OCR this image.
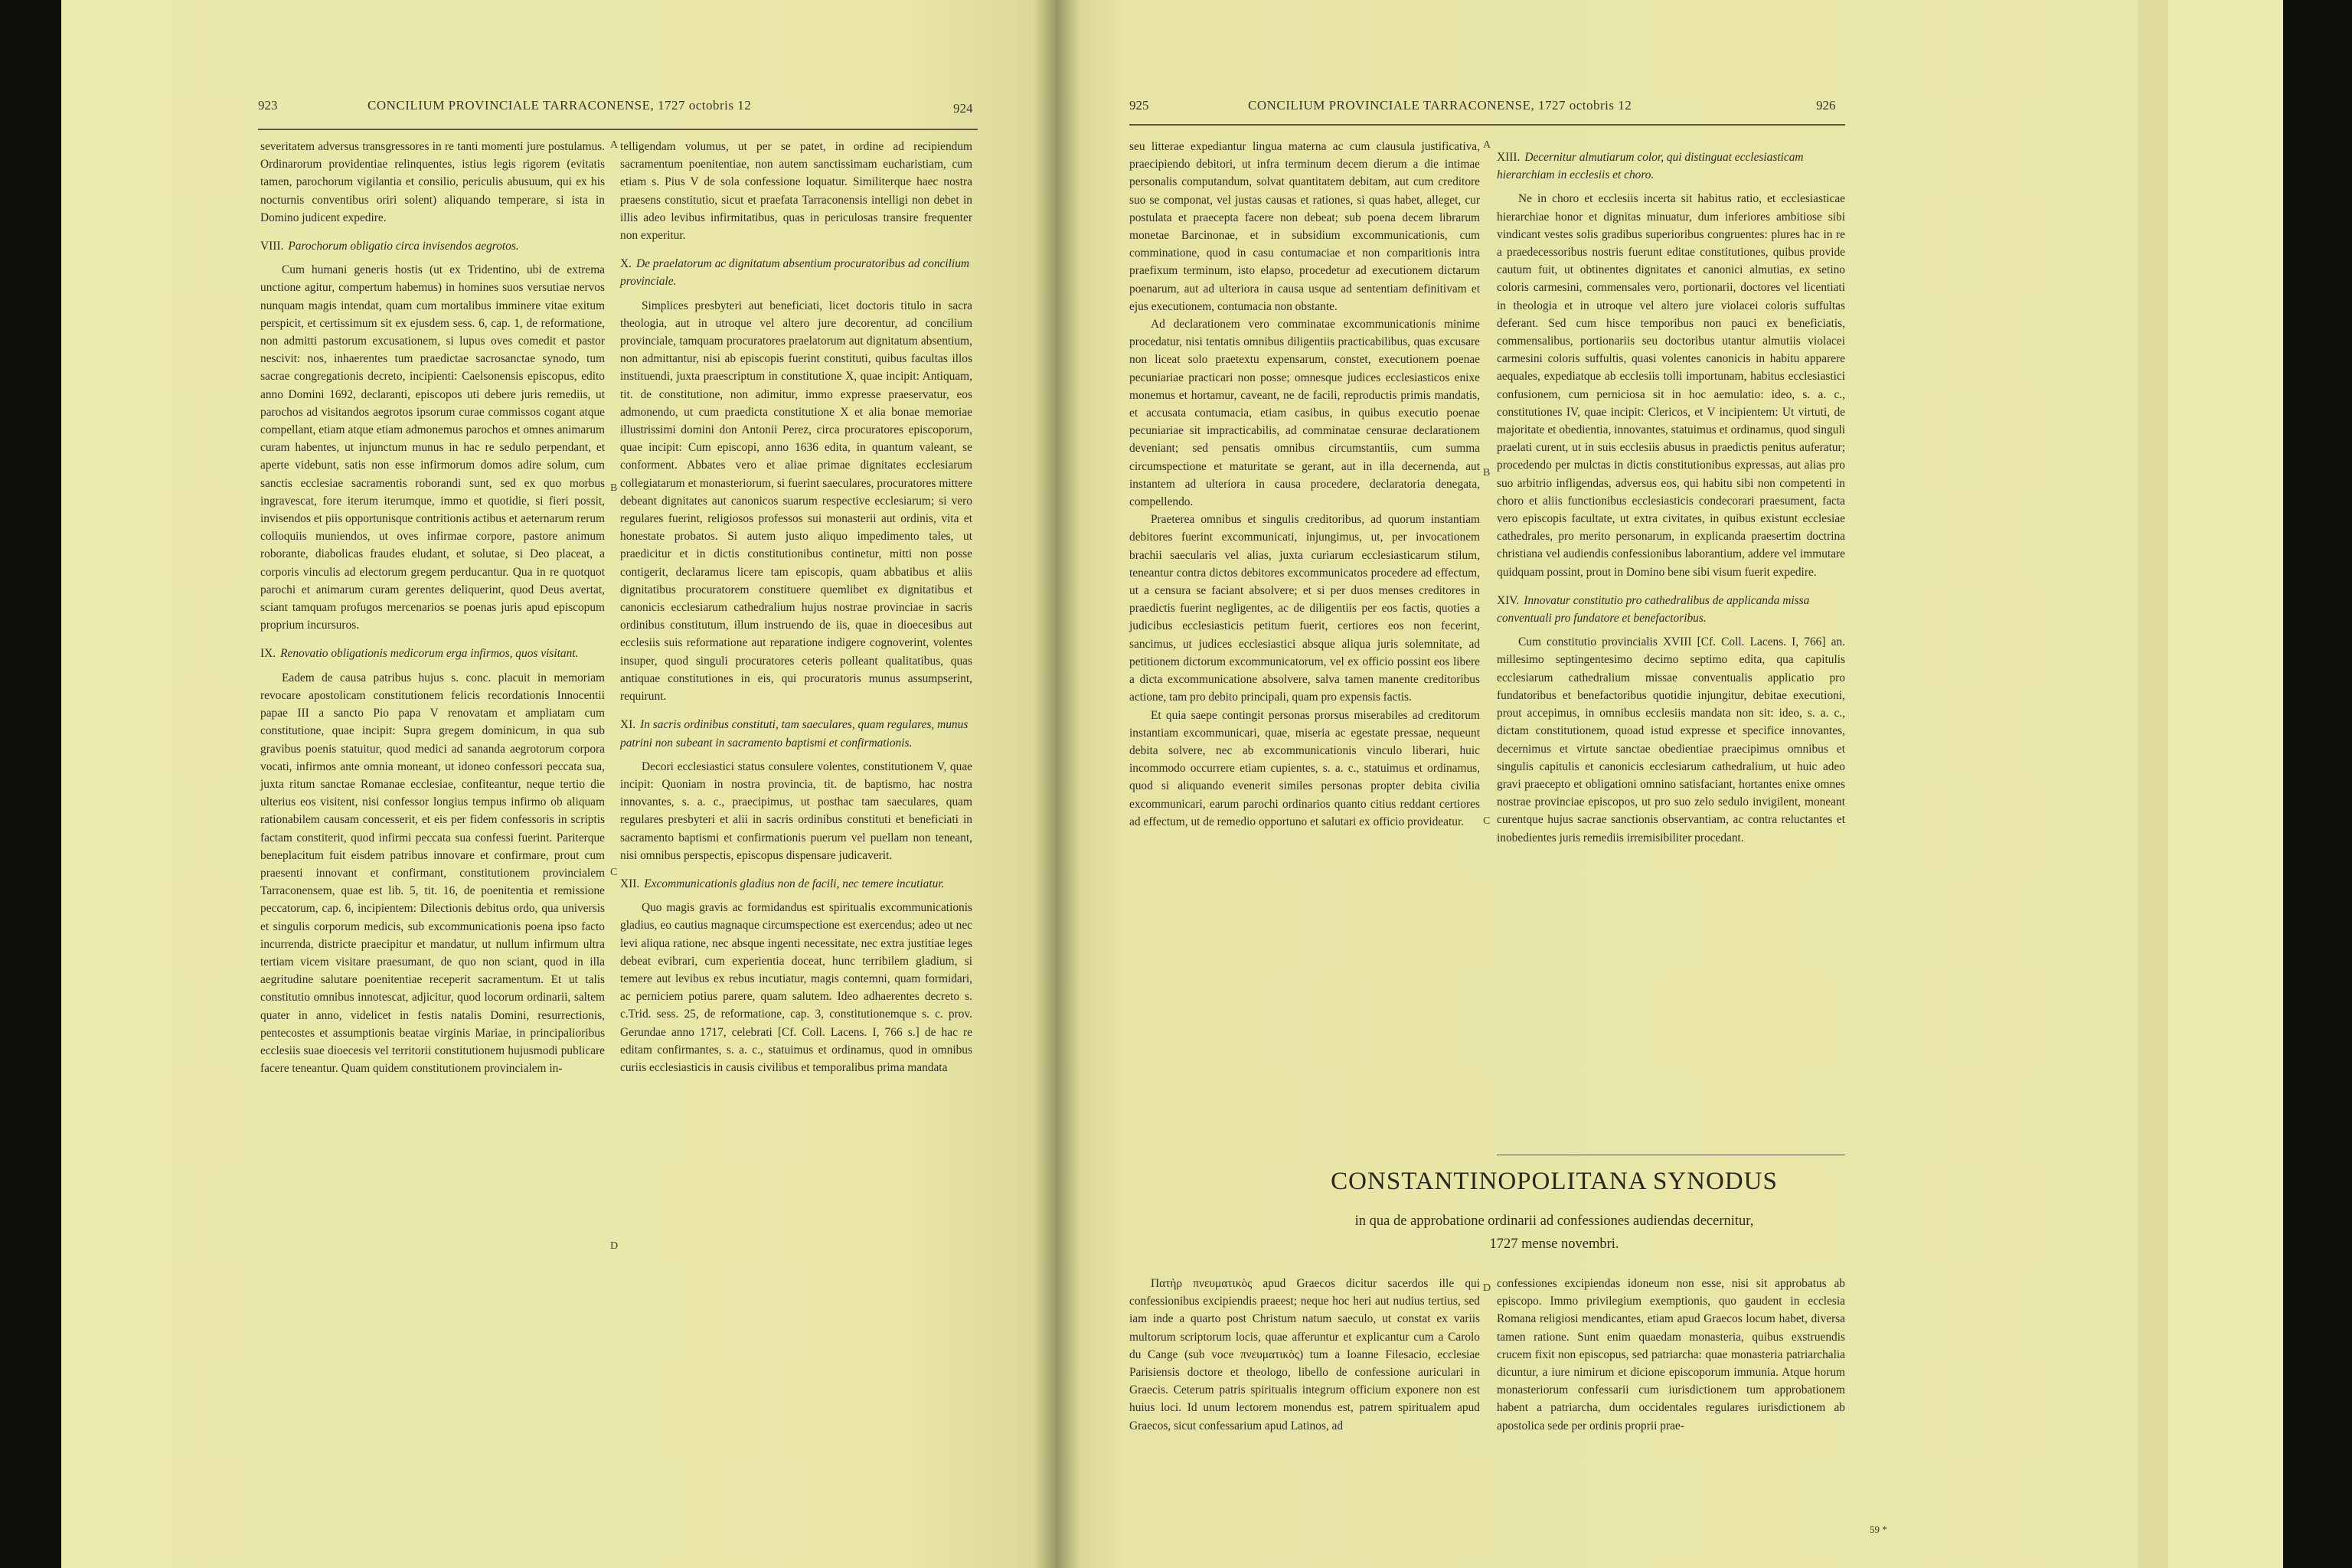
923	CONCILIUM PROVINCIALE TARRACONENSE, 1727 octobris 12	924	925	CONCILIUM PROVINCIALE TARRACONENSE, 1727 octobris 12	926

severitatem adversus transgressores in re tanti momenti jure postulamus. Ordinarorum providentiae relinquentes, istius legis rigorem (evitatis tamen, parochorum vigilantia et consilio, periculis abusuum, qui ex his nocturnis conventibus oriri solent) aliquando temperare, si ista in Domino judicent expedire.

VIII. Parochorum obligatio circa invisendos aegrotos.

Cum humani generis hostis (ut ex Tridentino, ubi de extrema unctione agitur, compertum habemus) in homines suos versutiae nervos nunquam magis intendat, quam cum mortalibus imminere vitae exitum perspicit, et certissimum sit ex ejusdem sess. 6, cap. 1, de reformatione, non admitti pastorum excusationem, si lupus oves comedit et pastor nescivit: nos, inhaerentes tum praedictae sacrosanctae synodo, tum sacrae congregationis decreto, incipienti: Caelsonensis episcopus, edito anno Domini 1692, declaranti, episcopos uti debere juris remediis, ut parochos ad visitandos aegrotos ipsorum curae commissos cogant atque compellant, etiam atque etiam admonemus parochos et omnes animarum curam habentes, ut injunctum munus in hac re sedulo perpendant, et aperte videbunt, satis non esse infirmorum domos adire solum, cum sanctis ecclesiae sacramentis roborandi sunt, sed ex quo morbus ingravescat, fore iterum iterumque, immo et quotidie, si fieri possit, invisendos et piis opportunisque contritionis actibus et aeternarum rerum colloquiis muniendos, ut oves infirmae corpore, pastore animum roborante, diabolicas fraudes eludant, et solutae, si Deo placeat, a corporis vinculis ad electorum gregem perducantur. Qua in re quotquot parochi et animarum curam gerentes deliquerint, quod Deus avertat, sciant tamquam profugos mercenarios se poenas juris apud episcopum proprium incursuros.

IX. Renovatio obligationis medicorum erga infirmos, quos visitant.

Eadem de causa patribus hujus s. conc. placuit in memoriam revocare apostolicam constitutionem felicis recordationis Innocentii papae III a sancto Pio papa V renovatam et ampliatam cum constitutione, quae incipit: Supra gregem dominicum, in qua sub gravibus poenis statuitur, quod medici ad sananda aegrotorum corpora vocati, infirmos ante omnia moneant, ut idoneo confessori peccata sua, juxta ritum sanctae Romanae ecclesiae, confiteantur, neque tertio die ulterius eos visitent, nisi confessor longius tempus infirmo ob aliquam rationabilem causam concesserit, et eis per fidem confessoris in scriptis factam constiterit, quod infirmi peccata sua confessi fuerint. Pariterque beneplacitum fuit eisdem patribus innovare et confirmare, prout cum praesenti innovant et confirmant, constitutionem provincialem Tarraconensem, quae est lib. 5, tit. 16, de poenitentia et remissione peccatorum, cap. 6, incipientem: Dilectionis debitus ordo, qua universis et singulis corporum medicis, sub excommunicationis poena ipso facto incurrenda, districte praecipitur et mandatur, ut nullum infirmum ultra tertiam vicem visitare praesumant, de quo non sciant, quod in illa aegritudine salutare poenitentiae receperit sacramentum. Et ut talis constitutio omnibus innotescat, adjicitur, quod locorum ordinarii, saltem quater in anno, videlicet in festis natalis Domini, resurrectionis, pentecostes et assumptionis beatae virginis Mariae, in principalioribus ecclesiis suae dioecesis vel territorii constitutionem hujusmodi publicare facere teneantur. Quam quidem constitutionem provincialem in-

telligendam volumus, ut per se patet, in ordine ad recipiendum sacramentum poenitentiae, non autem sanctissimam eucharistiam, cum etiam s. Pius V de sola confessione loquatur. Similiterque haec nostra praesens constitutio, sicut et praefata Tarraconensis intelligi non debet in illis adeo levibus infirmitatibus, quas in periculosas transire frequenter non experitur.

X. De praelatorum ac dignitatum absentium procuratoribus ad concilium provinciale.

Simplices presbyteri aut beneficiati, licet doctoris titulo in sacra theologia, aut in utroque vel altero jure decorentur, ad concilium provinciale, tamquam procuratores praelatorum aut dignitatum absentium, non admittantur, nisi ab episcopis fuerint constituti, quibus facultas illos instituendi, juxta praescriptum in constitutione X, quae incipit: Antiquam, tit. de constitutione, non adimitur, immo expresse praeservatur, eos admonendo, ut cum praedicta constitutione X et alia bonae memoriae illustrissimi domini don Antonii Perez, circa procuratores episcoporum, quae incipit: Cum episcopi, anno 1636 edita, in quantum valeant, se conforment. Abbates vero et aliae primae dignitates ecclesiarum collegiatarum et monasteriorum, si fuerint saeculares, procuratores mittere debeant dignitates aut canonicos suarum respective ecclesiarum; si vero regulares fuerint, religiosos professos sui monasterii aut ordinis, vita et honestate probatos. Si autem justo aliquo impedimento tales, ut praedicitur et in dictis constitutionibus continetur, mitti non posse contigerit, declaramus licere tam episcopis, quam abbatibus et aliis dignitatibus procuratorem constituere quemlibet ex dignitatibus et canonicis ecclesiarum cathedralium hujus nostrae provinciae in sacris ordinibus constitutum, illum instruendo de iis, quae in dioecesibus aut ecclesiis suis reformatione aut reparatione indigere cognoverint, volentes insuper, quod singuli procuratores ceteris polleant qualitatibus, quas antiquae constitutiones in eis, qui procuratoris munus assumpserint, requirunt.

XI. In sacris ordinibus constituti, tam saeculares, quam regulares, munus patrini non subeant in sacramento baptismi et confirmationis.

Decori ecclesiastici status consulere volentes, constitutionem V, quae incipit: Quoniam in nostra provincia, tit. de baptismo, hac nostra innovantes, s. a. c., praecipimus, ut posthac tam saeculares, quam regulares presbyteri et alii in sacris ordinibus constituti et beneficiati in sacramento baptismi et confirmationis puerum vel puellam non teneant, nisi omnibus perspectis, episcopus dispensare judicaverit.

XII. Excommunicationis gladius non de facili, nec temere incutiatur.

Quo magis gravis ac formidandus est spiritualis excommunicationis gladius, eo cautius magnaque circumspectione est exercendus; adeo ut nec levi aliqua ratione, nec absque ingenti necessitate, nec extra justitiae leges debeat evibrari, cum experientia doceat, hunc terribilem gladium, si temere aut levibus ex rebus incutiatur, magis contemni, quam formidari, ac perniciem potius parere, quam salutem. Ideo adhaerentes decreto s. c.Trid. sess. 25, de reformatione, cap. 3, constitutionemque s. c. prov. Gerundae anno 1717, celebrati [Cf. Coll. Lacens. I, 766 s.] de hac re editam confirmantes, s. a. c., statuimus et ordinamus, quod in omnibus curiis ecclesiasticis in causis civilibus et temporalibus prima mandata

seu litterae expediantur lingua materna ac cum clausula justificativa, praecipiendo debitori, ut infra terminum decem dierum a die intimae personalis computandum, solvat quantitatem debitam, aut cum creditore suo se componat, vel justas causas et rationes, si quas habet, alleget, cur postulata et praecepta facere non debeat; sub poena decem librarum monetae Barcinonae, et in subsidium excommunicationis, cum comminatione, quod in casu contumaciae et non comparitionis intra praefixum terminum, isto elapso, procedetur ad executionem dictarum poenarum, aut ad ulteriora in causa usque ad sententiam definitivam et ejus executionem, contumacia non obstante.

Ad declarationem vero comminatae excommunicationis minime procedatur, nisi tentatis omnibus diligentiis practicabilibus, quas excusare non liceat solo praetextu expensarum, constet, executionem poenae pecuniariae practicari non posse; omnesque judices ecclesiasticos enixe monemus et hortamur, caveant, ne de facili, reproductis primis mandatis, et accusata contumacia, etiam casibus, in quibus executio poenae pecuniariae sit impracticabilis, ad comminatae censurae declarationem deveniant; sed pensatis omnibus circumstantiis, cum summa circumspectione et maturitate se gerant, aut in illa decernenda, aut instantem ad ulteriora in causa procedere, declaratoria denegata, compellendo.

Praeterea omnibus et singulis creditoribus, ad quorum instantiam debitores fuerint excommunicati, injungimus, ut, per invocationem brachii saecularis vel alias, juxta curiarum ecclesiasticarum stilum, teneantur contra dictos debitores excommunicatos procedere ad effectum, ut a censura se faciant absolvere; et si per duos menses creditores in praedictis fuerint negligentes, ac de diligentiis per eos factis, quoties a judicibus ecclesiasticis petitum fuerit, certiores eos non fecerint, sancimus, ut judices ecclesiastici absque aliqua juris solemnitate, ad petitionem dictorum excommunicatorum, vel ex officio possint eos libere a dicta excommunicatione absolvere, salva tamen manente creditoribus actione, tam pro debito principali, quam pro expensis factis.

Et quia saepe contingit personas prorsus miserabiles ad creditorum instantiam excommunicari, quae, miseria ac egestate pressae, nequeunt debita solvere, nec ab excommunicationis vinculo liberari, huic incommodo occurrere etiam cupientes, s. a. c., statuimus et ordinamus, quod si aliquando evenerit similes personas propter debita civilia excommunicari, earum parochi ordinarios quanto citius reddant certiores ad effectum, ut de remedio opportuno et salutari ex officio provideatur.

XIII. Decernitur almutiarum color, qui distinguat ecclesiasticam hierarchiam in ecclesiis et choro.

Ne in choro et ecclesiis incerta sit habitus ratio, et ecclesiasticae hierarchiae honor et dignitas minuatur, dum inferiores ambitiose sibi vindicant vestes solis gradibus superioribus congruentes: plures hac in re a praedecessoribus nostris fuerunt editae constitutiones, quibus provide cautum fuit, ut obtinentes dignitates et canonici almutias, ex setino coloris carmesini, commensales vero, portionarii, doctores vel licentiati in theologia et in utroque vel altero jure violacei coloris suffultas deferant. Sed cum hisce temporibus non pauci ex beneficiatis, commensalibus, portionariis seu doctoribus utantur almutiis violacei carmesini coloris suffultis, quasi volentes canonicis in habitu apparere aequales, expediatque ab ecclesiis tolli importunam, habitus ecclesiastici confusionem, cum perniciosa sit in hoc aemulatio: ideo, s. a. c., constitutiones IV, quae incipit: Clericos, et V incipientem: Ut virtuti, de majoritate et obedientia, innovantes, statuimus et ordinamus, quod singuli praelati curent, ut in suis ecclesiis abusus in praedictis penitus auferatur; procedendo per mulctas in dictis constitutionibus expressas, aut alias pro suo arbitrio infligendas, adversus eos, qui habitu sibi non competenti in choro et aliis functionibus ecclesiasticis condecorari praesument, facta vero episcopis facultate, ut extra civitates, in quibus existunt ecclesiae cathedrales, pro merito personarum, in explicanda praesertim doctrina christiana vel audiendis confessionibus laborantium, addere vel immutare quidquam possint, prout in Domino bene sibi visum fuerit expedire.

XIV. Innovatur constitutio pro cathedralibus de applicanda missa conventuali pro fundatore et benefactoribus.

Cum constitutio provincialis XVIII [Cf. Coll. Lacens. I, 766] an. millesimo septingentesimo decimo septimo edita, qua capitulis ecclesiarum cathedralium missae conventualis applicatio pro fundatoribus et benefactoribus quotidie injungitur, debitae executioni, prout accepimus, in omnibus ecclesiis mandata non sit: ideo, s. a. c., dictam constitutionem, quoad istud expresse et specifice innovantes, decernimus et virtute sanctae obedientiae praecipimus omnibus et singulis capitulis et canonicis ecclesiarum cathedralium, ut huic adeo gravi praecepto et obligationi omnino satisfaciant, hortantes enixe omnes nostrae provinciae episcopos, ut pro suo zelo sedulo invigilent, moneant curentque hujus sacrae sanctionis observantiam, ac contra reluctantes et inobedientes juris remediis irremisibiliter procedant.

A
B
C
D
A
B
C
D
CONSTANTINOPOLITANA SYNODUS
in qua de approbatione ordinarii ad confessiones audiendas decernitur,
1727 mense novembri.

Πατὴρ πνευματικὸς apud Graecos dicitur sacerdos ille qui confessionibus excipiendis praeest; neque hoc heri aut nudius tertius, sed iam inde a quarto post Christum natum saeculo, ut constat ex variis multorum scriptorum locis, quae afferuntur et explicantur cum a Carolo du Cange (sub voce πνευματικὸς) tum a Ioanne Filesacio, ecclesiae Parisiensis doctore et theologo, libello de confessione auriculari in Graecis. Ceterum patris spiritualis integrum officium exponere non est huius loci. Id unum lectorem monendus est, patrem spiritualem apud Graecos, sicut confessarium apud Latinos, ad

confessiones excipiendas idoneum non esse, nisi sit approbatus ab episcopo. Immo privilegium exemptionis, quo gaudent in ecclesia Romana religiosi mendicantes, etiam apud Graecos locum habet, diversa tamen ratione. Sunt enim quaedam monasteria, quibus exstruendis crucem fixit non episcopus, sed patriarcha: quae monasteria patriarchalia dicuntur, a iure nimirum et dicione episcoporum immunia. Atque horum monasteriorum confessarii cum iurisdictionem tum approbationem habent a patriarcha, dum occidentales regulares iurisdictionem ab apostolica sede per ordinis proprii prae-

59 *
